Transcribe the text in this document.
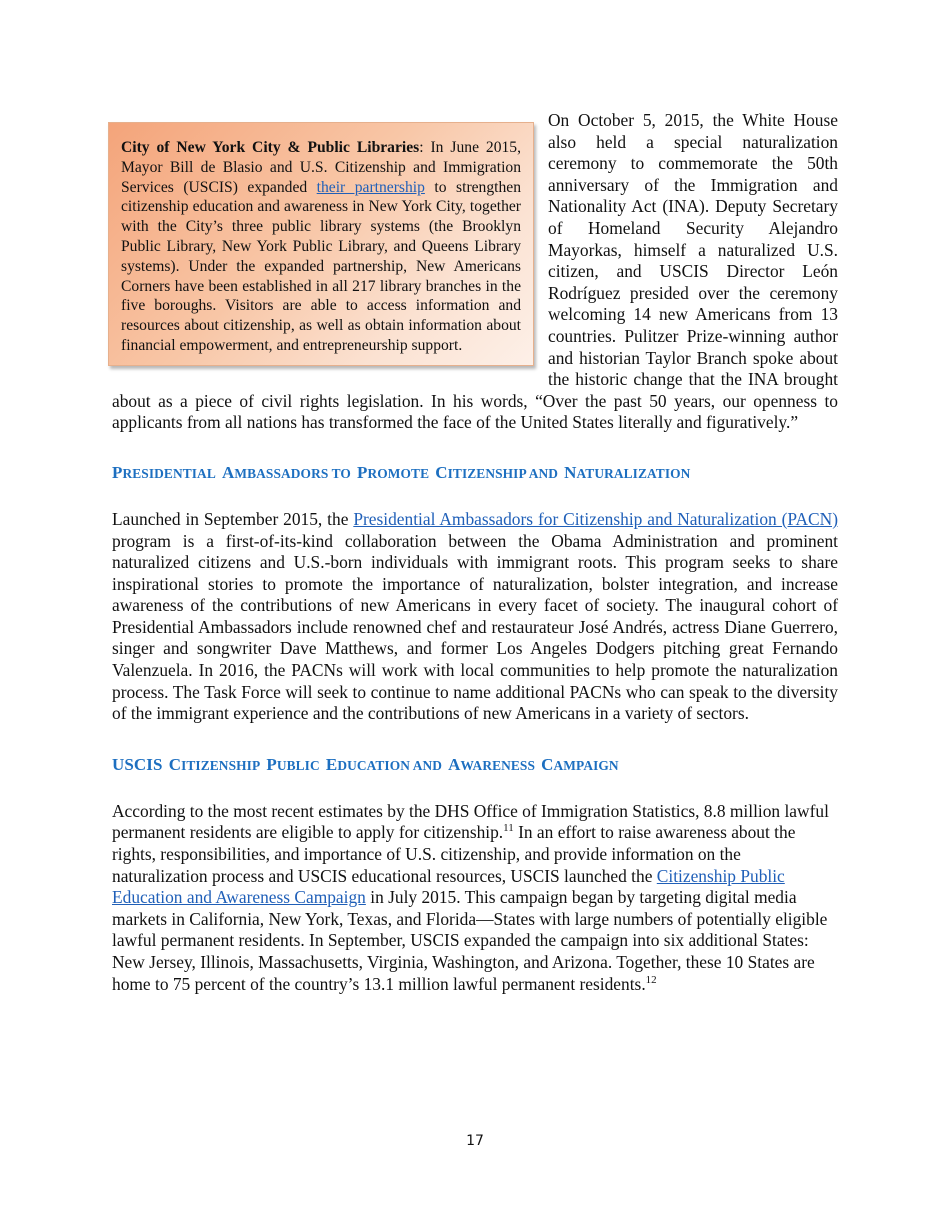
City of New York City & Public Libraries: In June 2015, Mayor Bill de Blasio and U.S. Citizenship and Immigration Services (USCIS) expanded their partnership to strengthen citizenship education and awareness in New York City, together with the City’s three public library systems (the Brooklyn Public Library, New York Public Library, and Queens Library systems). Under the expanded partnership, New Americans Corners have been established in all 217 library branches in the five boroughs. Visitors are able to access information and resources about citizenship, as well as obtain information about financial empowerment, and entrepreneurship support.

On October 5, 2015, the White House also held a special naturalization ceremony to commemorate the 50th anniversary of the Immigration and Nationality Act (INA). Deputy Secretary of Homeland Security Alejandro Mayorkas, himself a naturalized U.S. citizen, and USCIS Director León Rodríguez presided over the ceremony welcoming 14 new Americans from 13 countries. Pulitzer Prize-winning author and historian Taylor Branch spoke about the historic change that the INA brought about as a piece of civil rights legislation. In his words, “Over the past 50 years, our openness to applicants from all nations has transformed the face of the United States literally and figuratively.”

PRESIDENTIAL AMBASSADORS TO PROMOTE CITIZENSHIP AND NATURALIZATION

Launched in September 2015, the Presidential Ambassadors for Citizenship and Naturalization (PACN) program is a first-of-its-kind collaboration between the Obama Administration and prominent naturalized citizens and U.S.-born individuals with immigrant roots. This program seeks to share inspirational stories to promote the importance of naturalization, bolster integration, and increase awareness of the contributions of new Americans in every facet of society. The inaugural cohort of Presidential Ambassadors include renowned chef and restaurateur José Andrés, actress Diane Guerrero, singer and songwriter Dave Matthews, and former Los Angeles Dodgers pitching great Fernando Valenzuela. In 2016, the PACNs will work with local communities to help promote the naturalization process. The Task Force will seek to continue to name additional PACNs who can speak to the diversity of the immigrant experience and the contributions of new Americans in a variety of sectors.

USCIS CITIZENSHIP PUBLIC EDUCATION AND AWARENESS CAMPAIGN

According to the most recent estimates by the DHS Office of Immigration Statistics, 8.8 million lawful permanent residents are eligible to apply for citizenship.$^{11}$ In an effort to raise awareness about the rights, responsibilities, and importance of U.S. citizenship, and provide information on the naturalization process and USCIS educational resources, USCIS launched the Citizenship Public Education and Awareness Campaign in July 2015. This campaign began by targeting digital media markets in California, New York, Texas, and Florida—States with large numbers of potentially eligible lawful permanent residents. In September, USCIS expanded the campaign into six additional States: New Jersey, Illinois, Massachusetts, Virginia, Washington, and Arizona. Together, these 10 States are home to 75 percent of the country’s 13.1 million lawful permanent residents.$^{12}$

17
